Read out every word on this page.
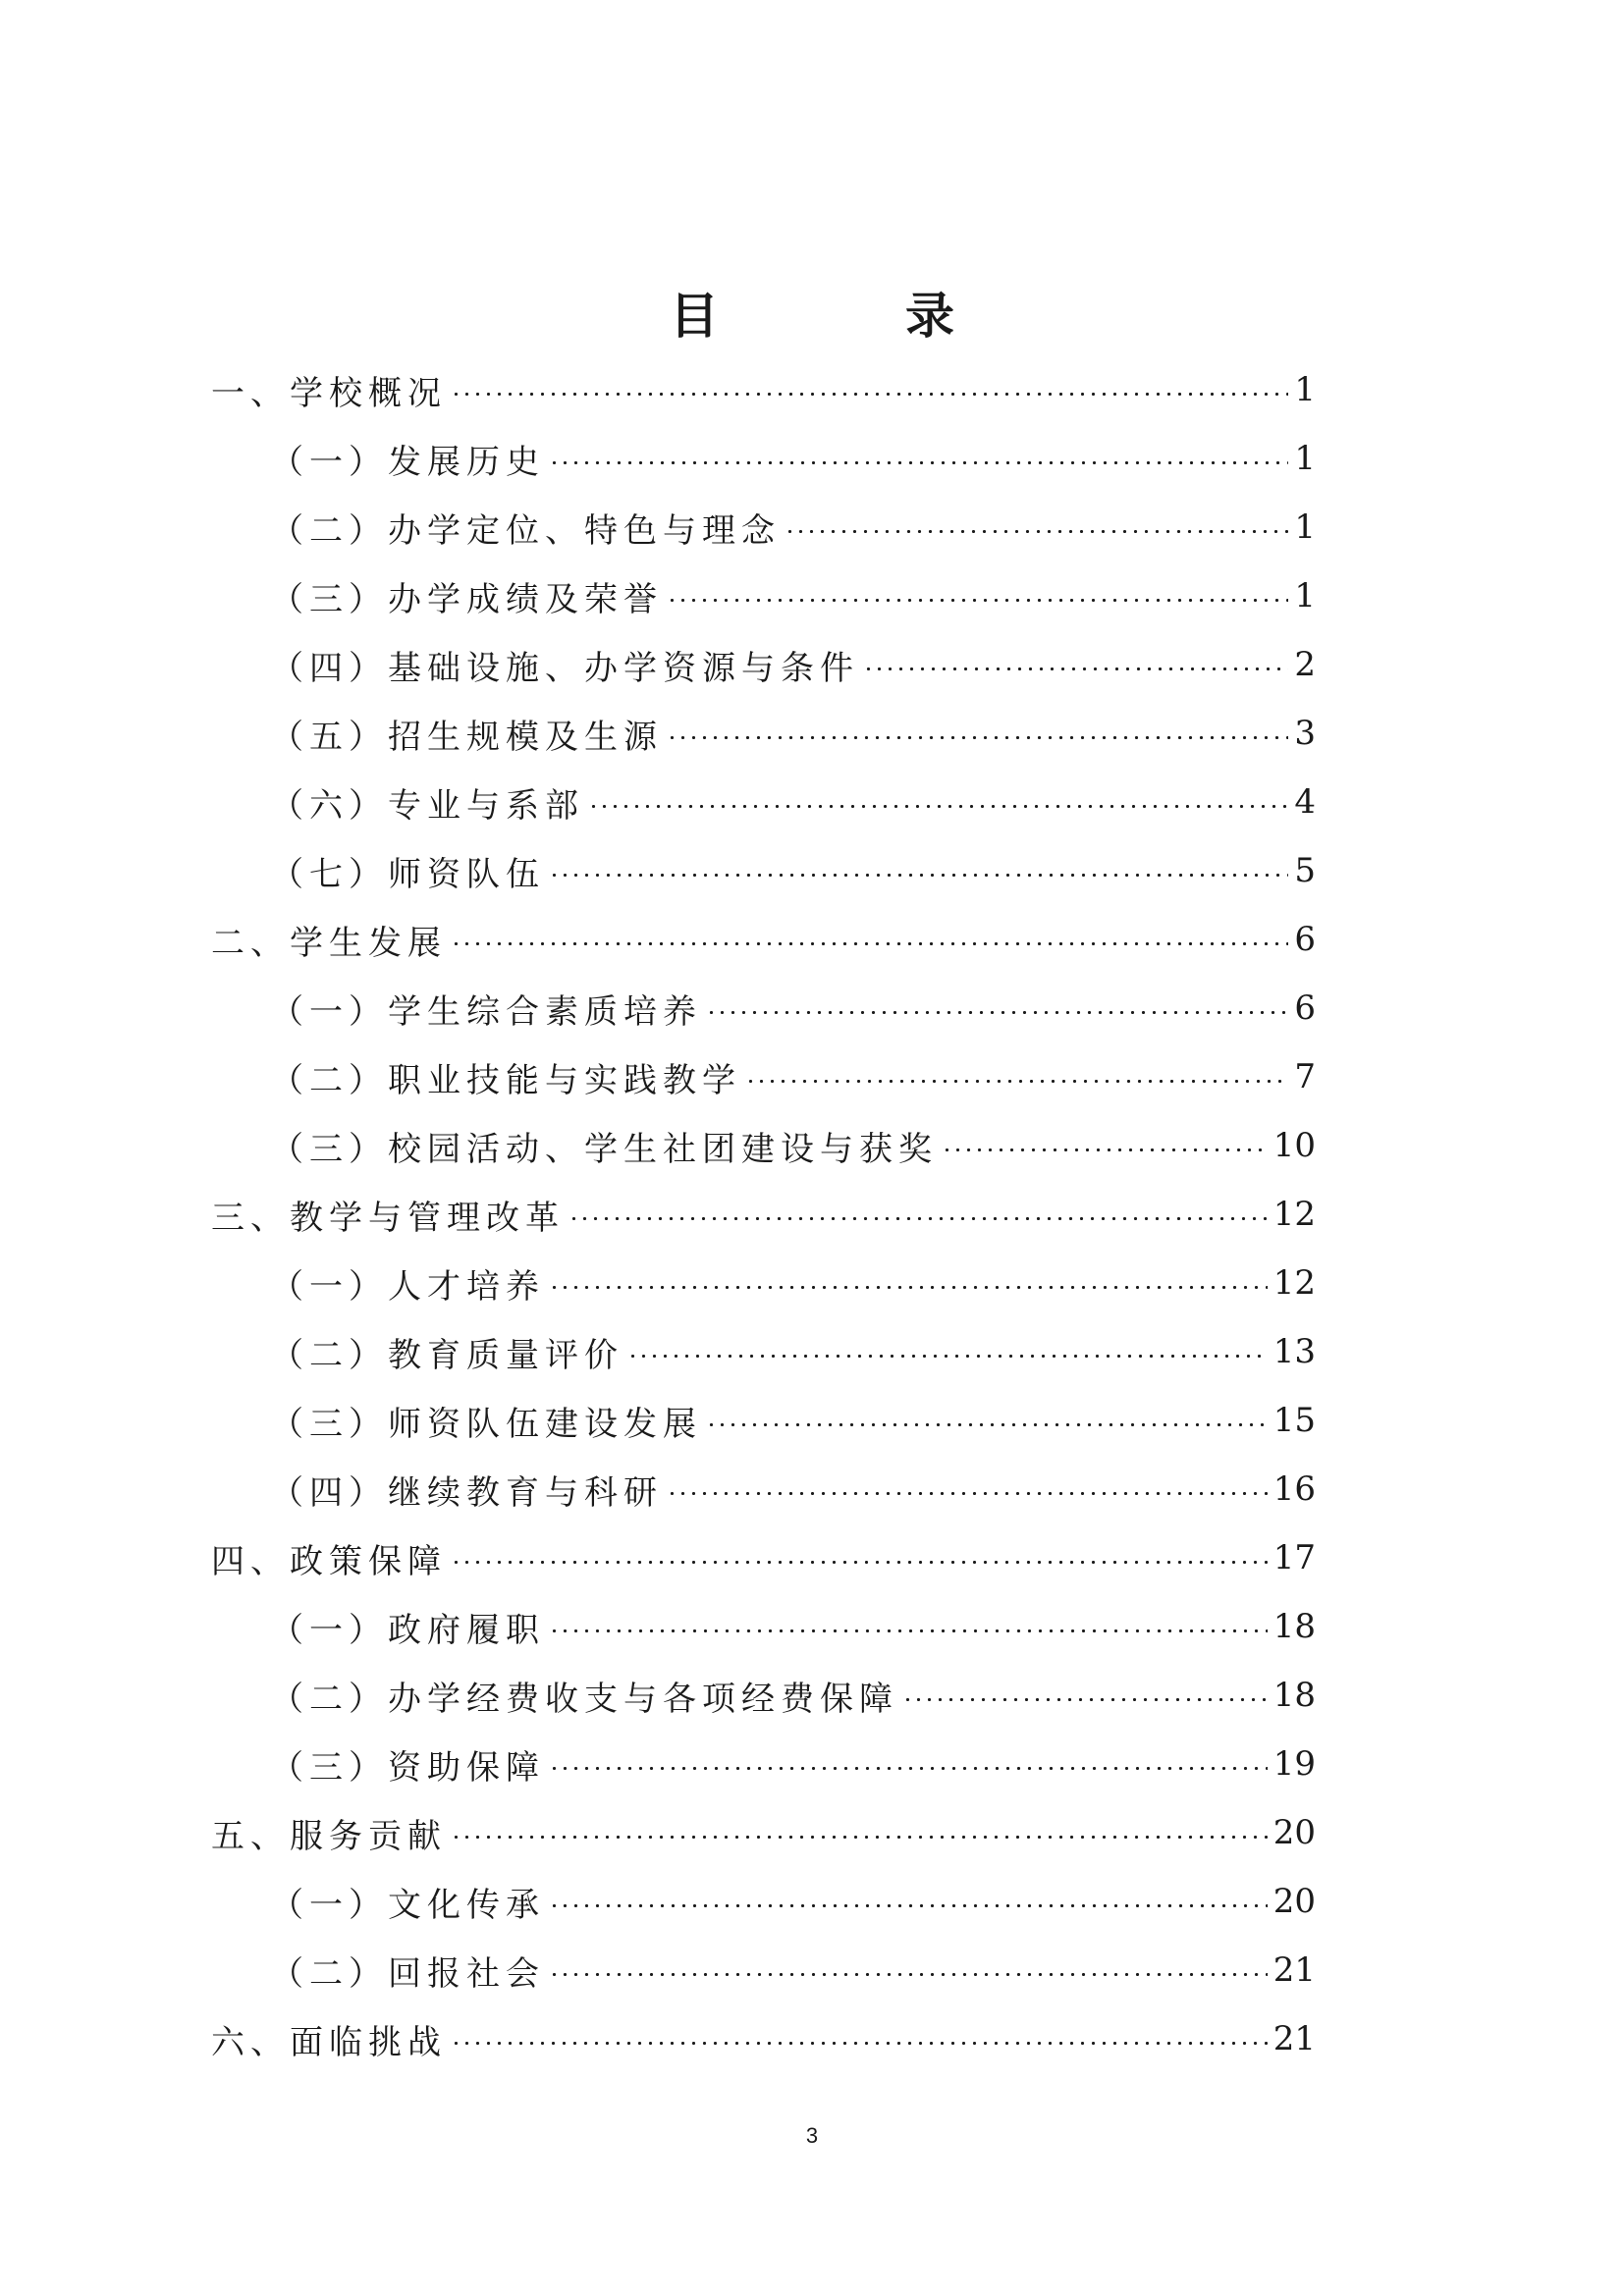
目　录
一、学校概况	1
（一）发展历史	1
（二）办学定位、特色与理念	1
（三）办学成绩及荣誉	1
（四）基础设施、办学资源与条件	2
（五）招生规模及生源	3
（六）专业与系部	4
（七）师资队伍	5
二、学生发展	6
（一）学生综合素质培养	6
（二）职业技能与实践教学	7
（三）校园活动、学生社团建设与获奖	10
三、教学与管理改革	12
（一）人才培养	12
（二）教育质量评价	13
（三）师资队伍建设发展	15
（四）继续教育与科研	16
四、政策保障	17
（一）政府履职	18
（二）办学经费收支与各项经费保障	18
（三）资助保障	19
五、服务贡献	20
（一）文化传承	20
（二）回报社会	21
六、面临挑战	21
3
